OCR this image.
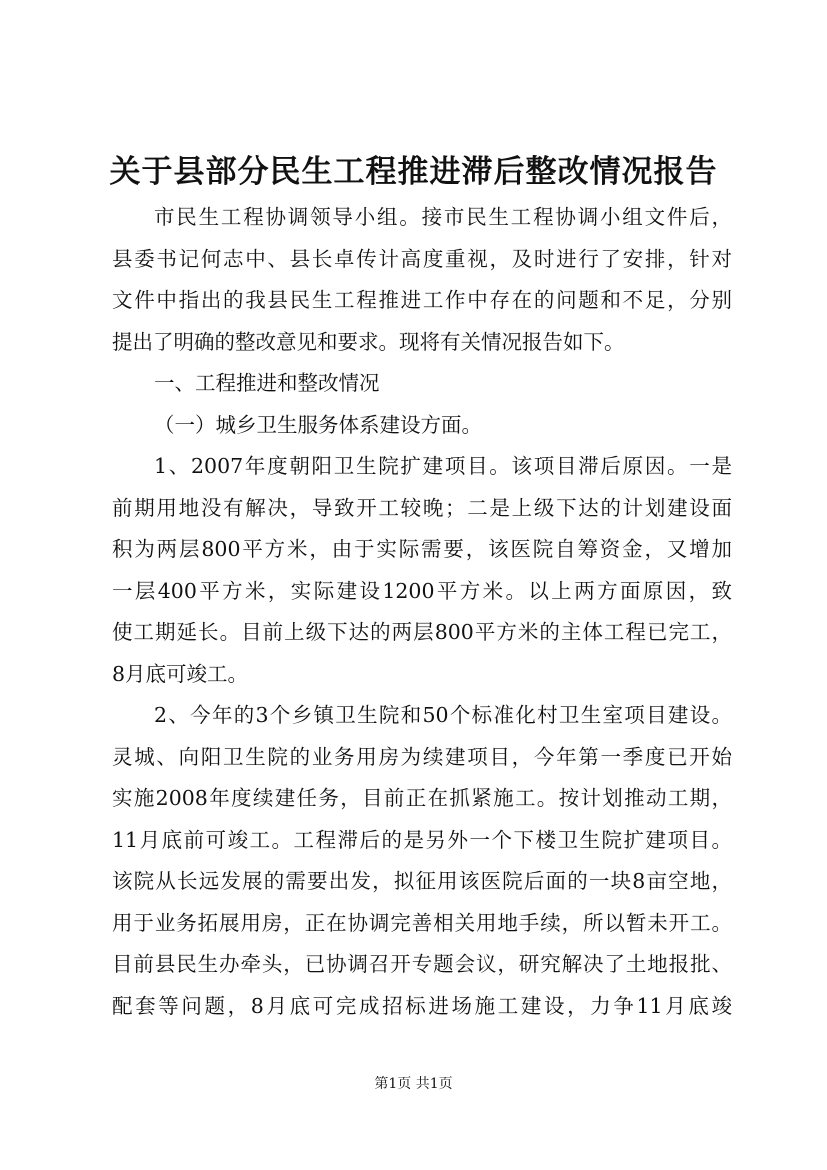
关于县部分民生工程推进滞后整改情况报告
市民生工程协调领导小组。接市民生工程协调小组文件后，
县委书记何志中、县长卓传计高度重视，及时进行了安排，针对
文件中指出的我县民生工程推进工作中存在的问题和不足，分别
提出了明确的整改意见和要求。现将有关情况报告如下。
一、工程推进和整改情况
（一）城乡卫生服务体系建设方面。
1、2007年度朝阳卫生院扩建项目。该项目滞后原因。一是
前期用地没有解决，导致开工较晚；二是上级下达的计划建设面
积为两层800平方米，由于实际需要，该医院自筹资金，又增加
一层400平方米，实际建设1200平方米。以上两方面原因，致
使工期延长。目前上级下达的两层800平方米的主体工程已完工，
8月底可竣工。
2、今年的3个乡镇卫生院和50个标准化村卫生室项目建设。
灵城、向阳卫生院的业务用房为续建项目，今年第一季度已开始
实施2008年度续建任务，目前正在抓紧施工。按计划推动工期，
11月底前可竣工。工程滞后的是另外一个下楼卫生院扩建项目。
该院从长远发展的需要出发，拟征用该医院后面的一块8亩空地，
用于业务拓展用房，正在协调完善相关用地手续，所以暂未开工。
目前县民生办牵头，已协调召开专题会议，研究解决了土地报批、
配套等问题，8月底可完成招标进场施工建设，力争11月底竣
第1页 共1页
